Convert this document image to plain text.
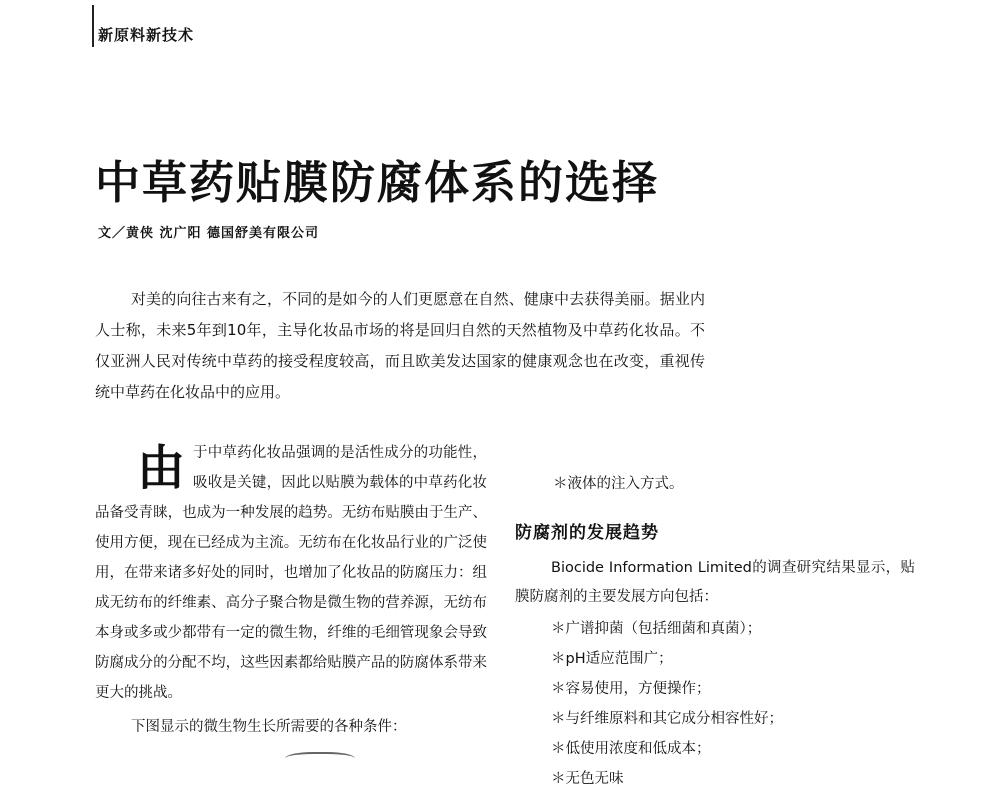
新原料新技术
中草药贴膜防腐体系的选择
文／黄侠 沈广阳 德国舒美有限公司

对美的向往古来有之，不同的是如今的人们更愿意在自然、健康中去获得美丽。据业内人士称，未来5年到10年，主导化妆品市场的将是回归自然的天然植物及中草药化妆品。不仅亚洲人民对传统中草药的接受程度较高，而且欧美发达国家的健康观念也在改变，重视传统中草药在化妆品中的应用。

由于中草药化妆品强调的是活性成分的功能性，吸收是关键，因此以贴膜为载体的中草药化妆品备受青睐，也成为一种发展的趋势。无纺布贴膜由于生产、使用方便，现在已经成为主流。无纺布在化妆品行业的广泛使用，在带来诸多好处的同时，也增加了化妆品的防腐压力：组成无纺布的纤维素、高分子聚合物是微生物的营养源，无纺布本身或多或少都带有一定的微生物，纤维的毛细管现象会导致防腐成分的分配不均，这些因素都给贴膜产品的防腐体系带来更大的挑战。

下图显示的微生物生长所需要的各种条件：

＊液体的注入方式。

防腐剂的发展趋势

Biocide Information Limited的调查研究结果显示，贴膜防腐剂的主要发展方向包括：

＊广谱抑菌（包括细菌和真菌）；
＊pH适应范围广；
＊容易使用，方便操作；
＊与纤维原料和其它成分相容性好；
＊低使用浓度和低成本；
＊无色无味
